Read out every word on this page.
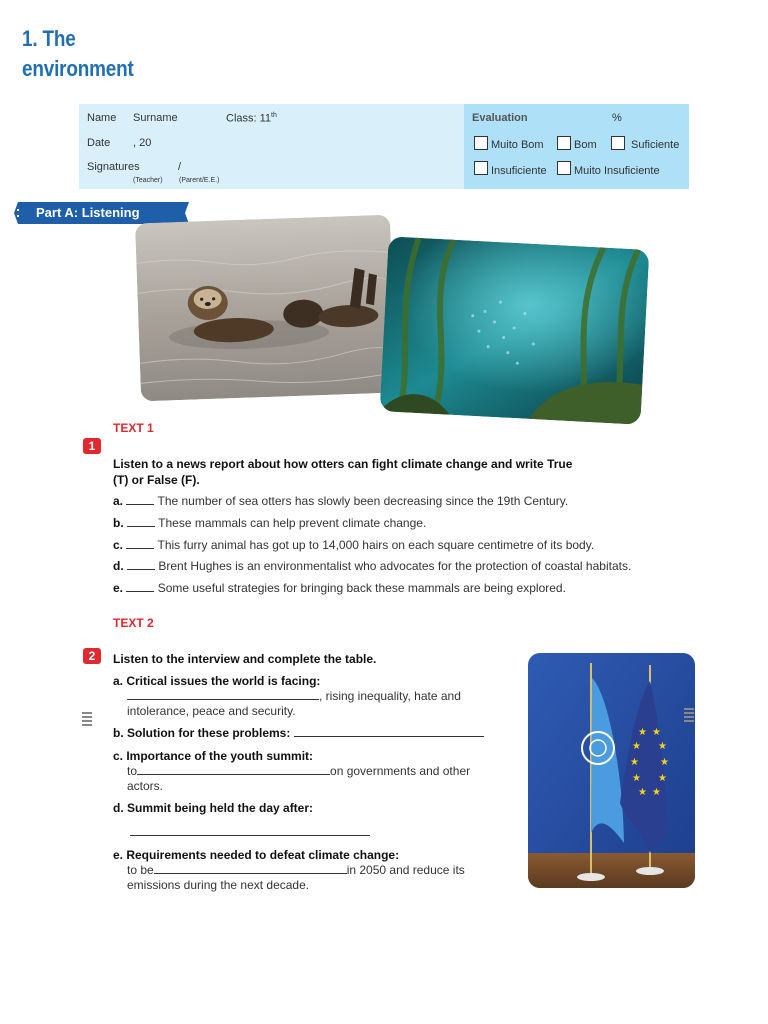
1. The
environment
Name Surname	Class: 11th
Date , 20
Signatures	/
(Teacher) (Parent/E.E.)
Evaluation	%
Muito Bom	Bom	Suficiente
Insuficiente Muito Insuficiente
Part A: Listening
TEXT 1
1
Listen to a news report about how otters can fight climate change and write True
(T) or False (F).
a.	The number of sea otters has slowly been decreasing since the 19th Century.
b.	These mammals can help prevent climate change.
c.	This furry animal has got up to 14,000 hairs on each square centimetre of its body.
d.	Brent Hughes is an environmentalist who advocates for the protection of coastal habitats.
e.	Some useful strategies for bringing back these mammals are being explored.
TEXT 2
2	Listen to the interview and complete the table.
a. Critical issues the world is facing:
, rising inequality, hate and
intolerance, peace and security.
b. Solution for these problems:
c. Importance of the youth summit:
to	on governments and other
actors.
d. Summit being held the day after:
e. Requirements needed to defeat climate change:
to be	in 2050 and reduce its
emissions during the next decade.
★ ★
★ ★
★ ★
★ ★
★ ★
